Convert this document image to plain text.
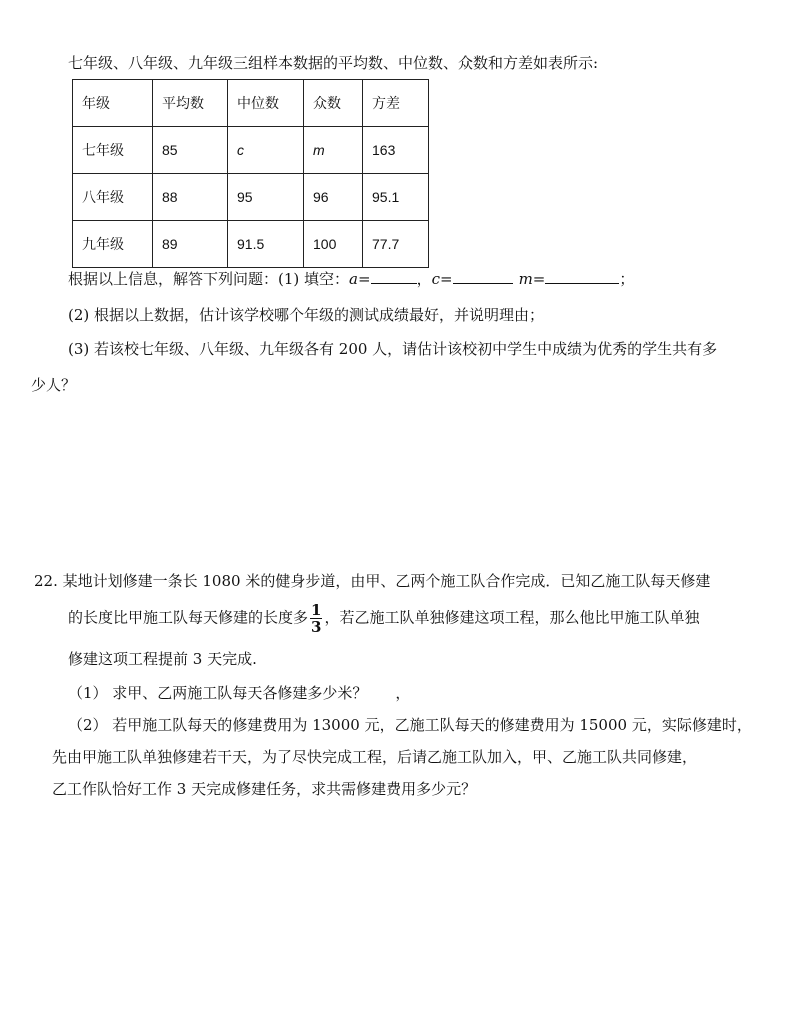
七年级、八年级、九年级三组样本数据的平均数、中位数、众数和方差如表所示:
年级	平均数	中位数	众数	方差
七年级	85	c	m	163
八年级	88	95	96	95.1
九年级	89	91.5	100	77.7
根据以上信息，解答下列问题：(1) 填空：a=	，c=	m=	；
(2) 根据以上数据，估计该学校哪个年级的测试成绩最好，并说明理由；
(3) 若该校七年级、八年级、九年级各有 200 人，请估计该校初中学生中成绩为优秀的学生共有多
少人？
22. 某地计划修建一条长 1080 米的健身步道，由甲、乙两个施工队合作完成．已知乙施工队每天修建
的长度比甲施工队每天修建的长度多 $\frac{1}{3}$ ，若乙施工队单独修建这项工程，那么他比甲施工队单独
修建这项工程提前 3 天完成.
（1） 求甲、乙两施工队每天各修建多少米？ ，
（2） 若甲施工队每天的修建费用为 13000 元，乙施工队每天的修建费用为 15000 元，实际修建时，
先由甲施工队单独修建若干天，为了尽快完成工程，后请乙施工队加入，甲、乙施工队共同修建，
乙工作队恰好工作 3 天完成修建任务，求共需修建费用多少元？
